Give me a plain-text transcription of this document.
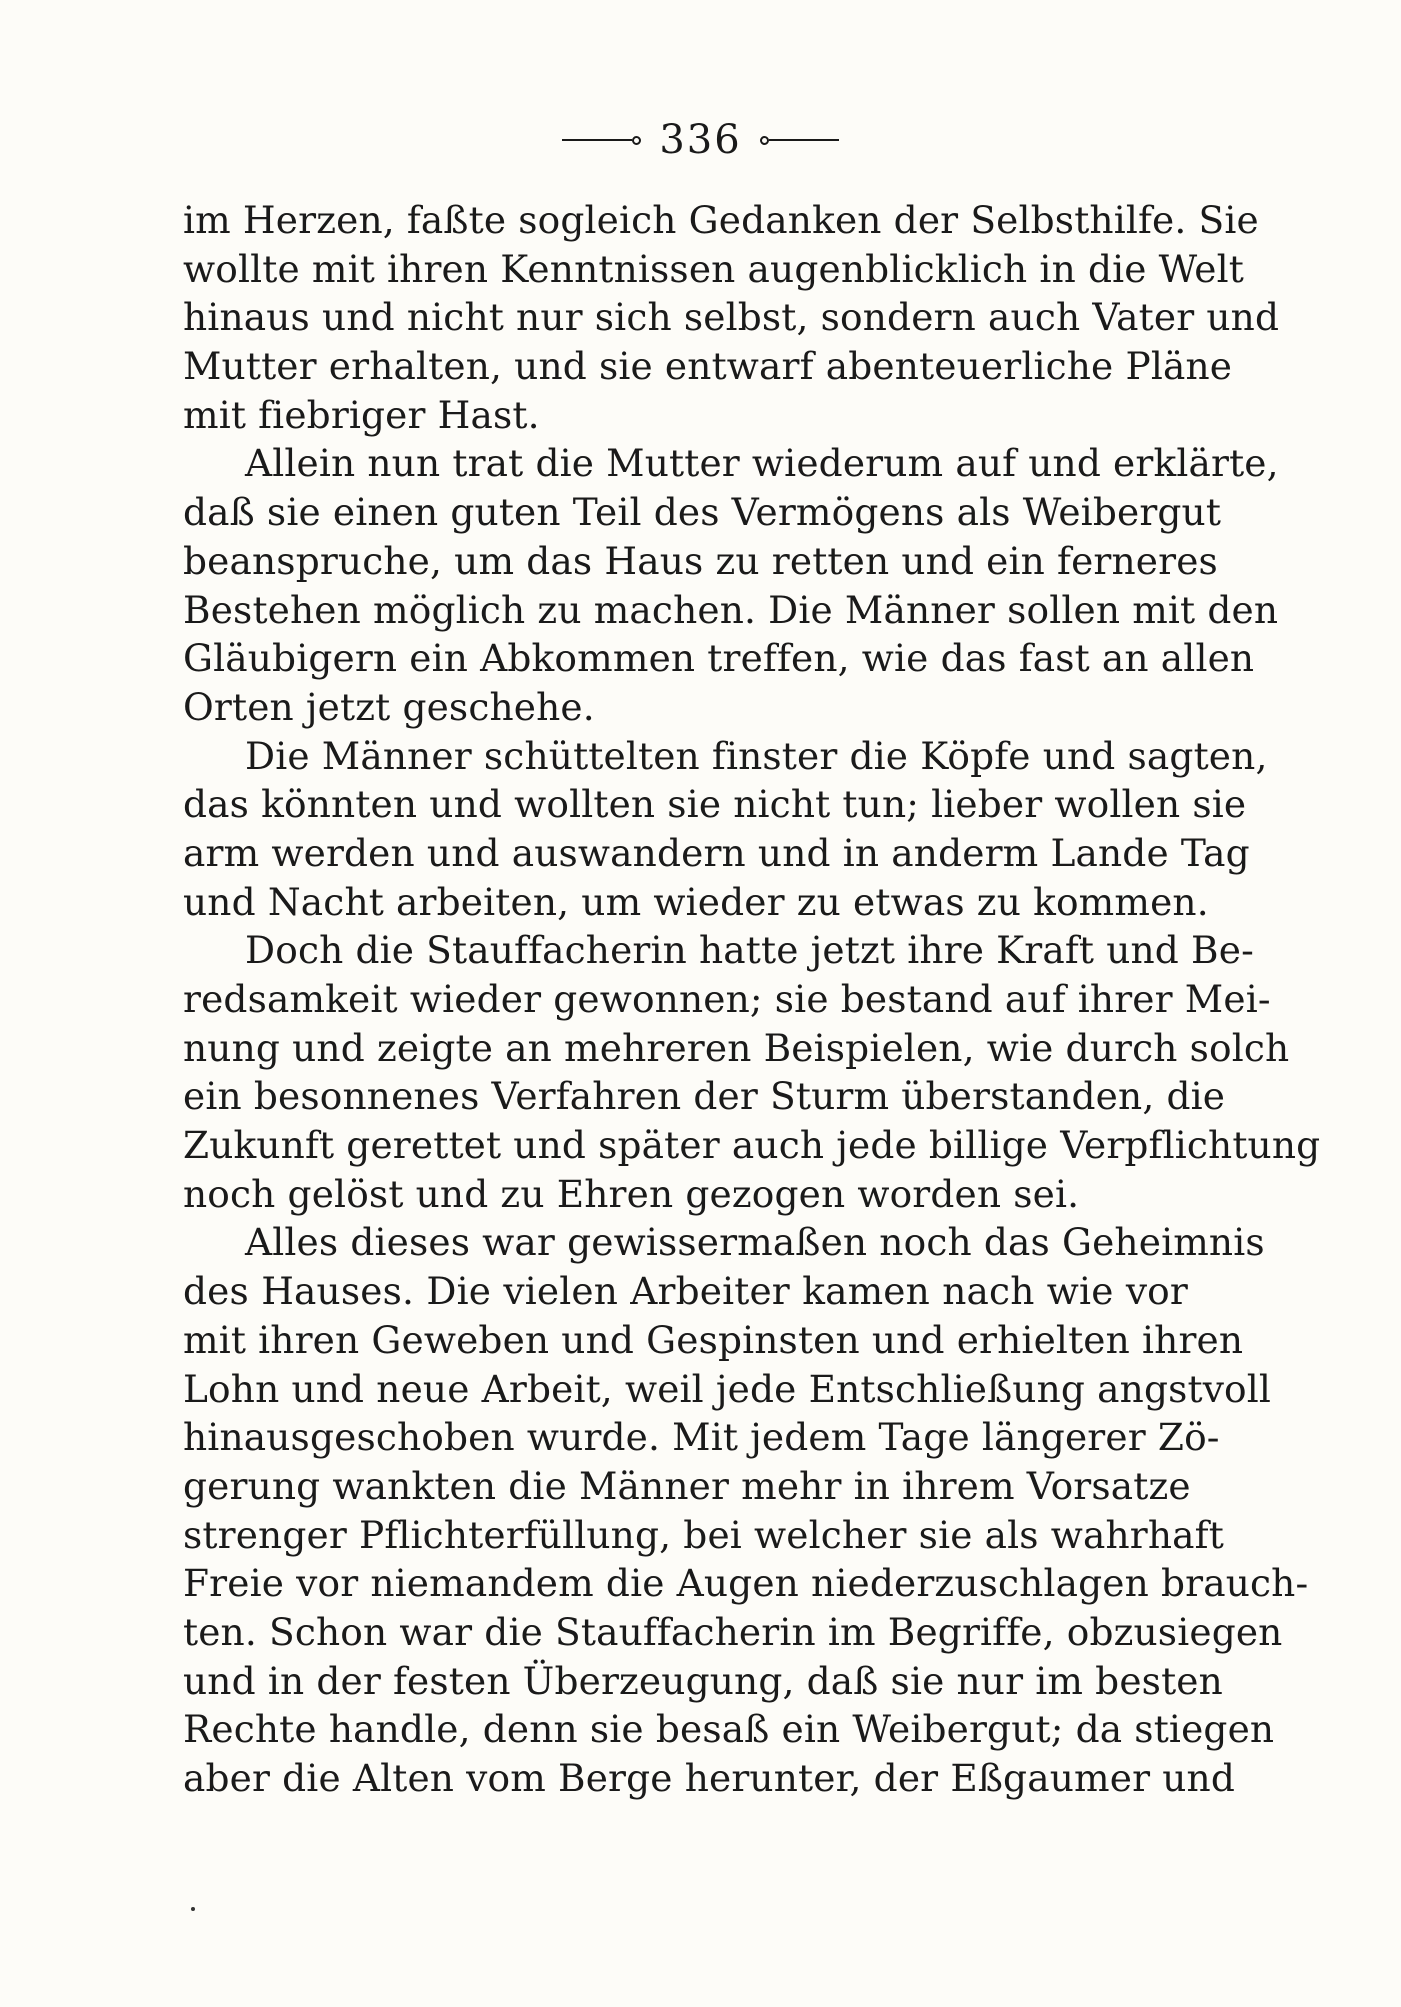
336
im Herzen, faßte sogleich Gedanken der Selbsthilfe. Sie
wollte mit ihren Kenntnissen augenblicklich in die Welt
hinaus und nicht nur sich selbst, sondern auch Vater und
Mutter erhalten, und sie entwarf abenteuerliche Pläne
mit fiebriger Hast.
Allein nun trat die Mutter wiederum auf und erklärte,
daß sie einen guten Teil des Vermögens als Weibergut
beanspruche, um das Haus zu retten und ein ferneres
Bestehen möglich zu machen. Die Männer sollen mit den
Gläubigern ein Abkommen treffen, wie das fast an allen
Orten jetzt geschehe.
Die Männer schüttelten finster die Köpfe und sagten,
das könnten und wollten sie nicht tun; lieber wollen sie
arm werden und auswandern und in anderm Lande Tag
und Nacht arbeiten, um wieder zu etwas zu kommen.
Doch die Stauffacherin hatte jetzt ihre Kraft und Be-
redsamkeit wieder gewonnen; sie bestand auf ihrer Mei-
nung und zeigte an mehreren Beispielen, wie durch solch
ein besonnenes Verfahren der Sturm überstanden, die
Zukunft gerettet und später auch jede billige Verpflichtung
noch gelöst und zu Ehren gezogen worden sei.
Alles dieses war gewissermaßen noch das Geheimnis
des Hauses. Die vielen Arbeiter kamen nach wie vor
mit ihren Geweben und Gespinsten und erhielten ihren
Lohn und neue Arbeit, weil jede Entschließung angstvoll
hinausgeschoben wurde. Mit jedem Tage längerer Zö-
gerung wankten die Männer mehr in ihrem Vorsatze
strenger Pflichterfüllung, bei welcher sie als wahrhaft
Freie vor niemandem die Augen niederzuschlagen brauch-
ten. Schon war die Stauffacherin im Begriffe, obzusiegen
und in der festen Überzeugung, daß sie nur im besten
Rechte handle, denn sie besaß ein Weibergut; da stiegen
aber die Alten vom Berge herunter, der Eßgaumer und
